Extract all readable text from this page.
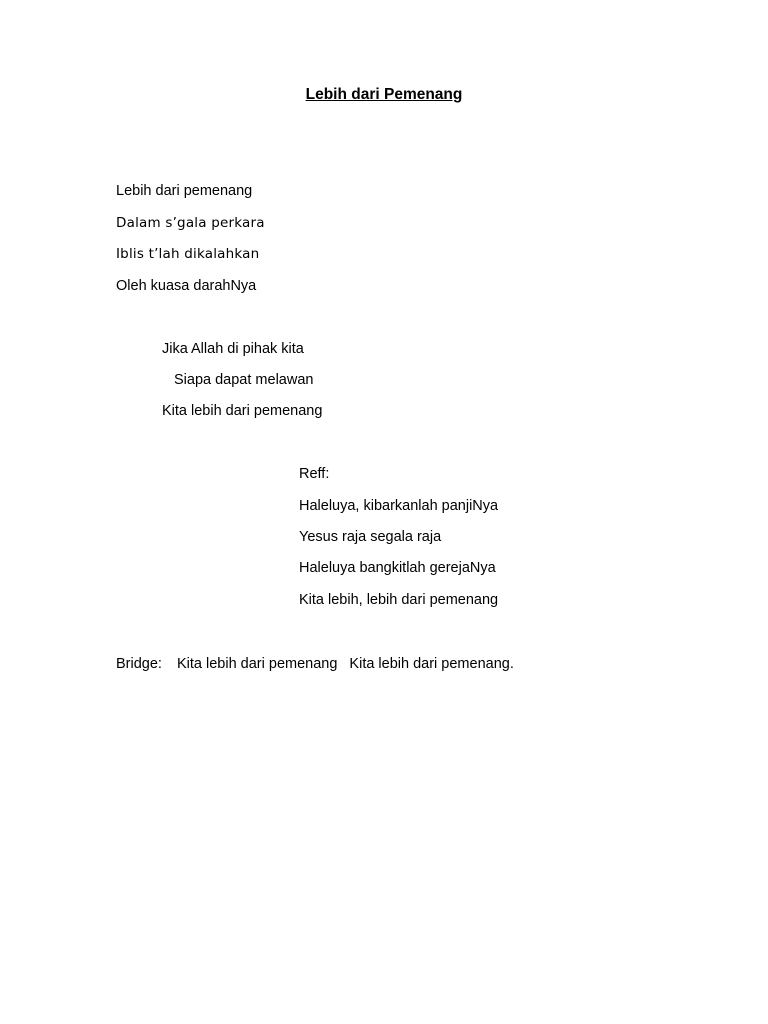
Lebih dari Pemenang

Lebih dari pemenang

Dalam s’gala perkara

Iblis t’lah dikalahkan

Oleh kuasa darahNya

Jika Allah di pihak kita

Siapa dapat melawan

Kita lebih dari pemenang

Reff:

Haleluya, kibarkanlah panjiNya

Yesus raja segala raja

Haleluya bangkitlah gerejaNya

Kita lebih, lebih dari pemenang

Bridge: Kita lebih dari pemenang Kita lebih dari pemenang.
